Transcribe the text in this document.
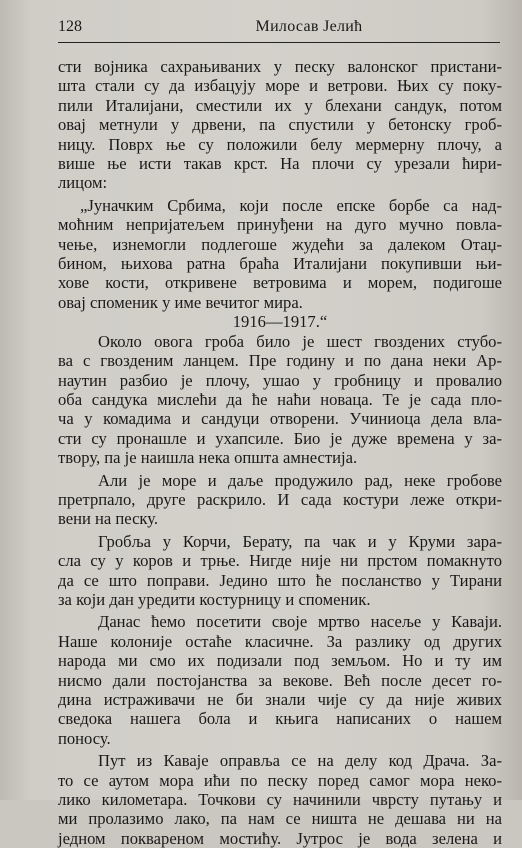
128	Милосав Јелић
сти војника сахрањиваних у песку валонског пристани-
шта стали су да избацују море и ветрови. Њих су поку-
пили Италијани, сместили их у блехани сандук, потом
овај метнули у дрвени, па спустили у бетонску гроб-
ницу. Поврх ње су положили белу мермерну плочу, а
више ње исти такав крст. На плочи су урезали ћири-
лицом:
„Јуначким Србима, који после епске борбе са над-
моћним непријатељем принуђени на дуго мучно повла-
чење, изнемогли подлегоше жудећи за далеком Отаџ-
бином, њихова ратна браћа Италијани покупивши њи-
хове кости, откривене ветровима и морем, подигоше
овај споменик у име вечитог мира.
1916—1917.“
Около овога гроба било је шест гвоздених стубо-
ва с гвозденим ланцем. Пре годину и по дана неки Ар-
наутин разбио је плочу, ушао у гробницу и провалио
оба сандука мислећи да ће наћи новаца. Те је сада пло-
ча у комадима и сандуци отворени. Учиниоца дела вла-
сти су пронашле и ухапсиле. Био је дуже времена у за-
твору, па је наишла нека општа амнестија.
Али је море и даље продужило рад, неке гробове
претрпало, друге раскрило. И сада костури леже откри-
вени на песку.
Гробља у Корчи, Берату, па чак и у Круми зара-
сла су у коров и трње. Нигде није ни прстом помакнуто
да се што поправи. Једино што ће посланство у Тирани
за који дан уредити костурницу и споменик.
Данас ћемо посетити своје мртво насеље у Каваји.
Наше колоније остаће класичне. За разлику од других
народа ми смо их подизали под земљом. Но и ту им
нисмо дали постојанства за векове. Већ после десет го-
дина истраживачи не би знали чије су да није живих
сведока нашега бола и књига написаних о нашем
поносу.
Пут из Каваје оправља се на делу код Драча. За-
то се аутом мора ићи по песку поред самог мора неко-
лико километара. Точкови су начинили чврсту путању и
ми пролазимо лако, па нам се ништа не дешава ни на
једном поквареном мостићу. Јутрос је вода зелена и
